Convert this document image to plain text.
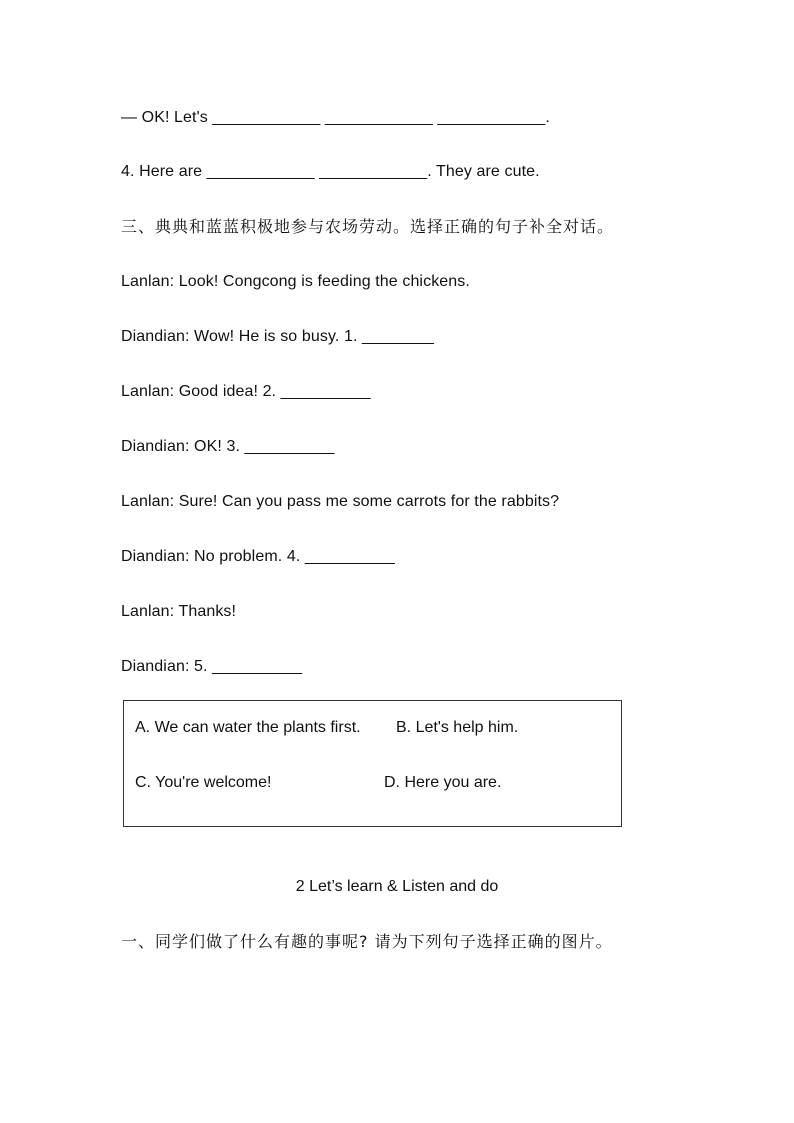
— OK! Let's ____________ ____________ ____________.
4. Here are ____________ ____________. They are cute.
三、典典和蓝蓝积极地参与农场劳动。选择正确的句子补全对话。
Lanlan: Look! Congcong is feeding the chickens.
Diandian: Wow! He is so busy. 1. ________
Lanlan: Good idea! 2. __________
Diandian: OK! 3. __________
Lanlan: Sure! Can you pass me some carrots for the rabbits?
Diandian: No problem. 4. __________
Lanlan: Thanks!
Diandian: 5. __________
A. We can water the plants first. B. Let's help him.
C. You're welcome!	D. Here you are.
2 Let’s learn & Listen and do
一、同学们做了什么有趣的事呢? 请为下列句子选择正确的图片。
